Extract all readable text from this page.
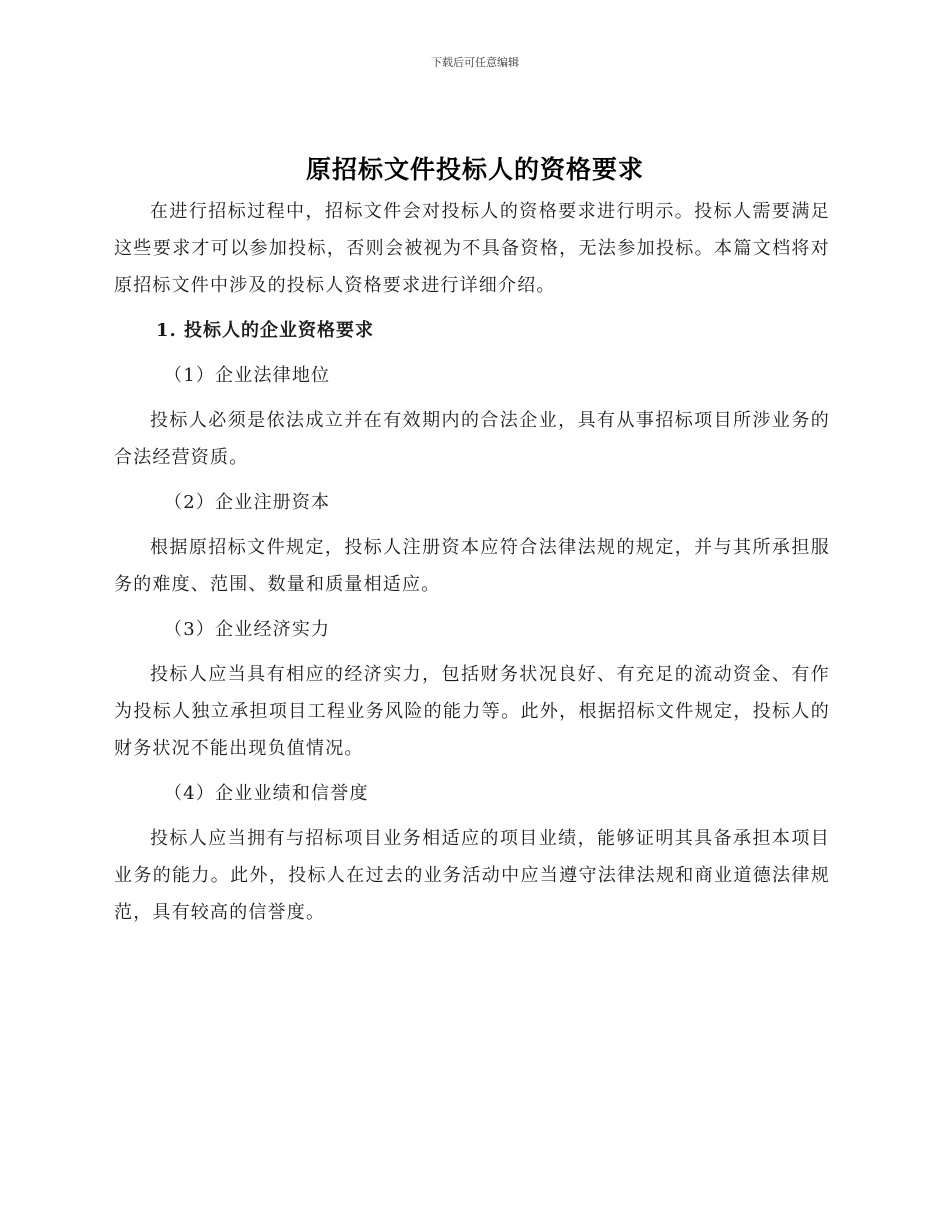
下载后可任意编辑
原招标文件投标人的资格要求

在进行招标过程中，招标文件会对投标人的资格要求进行明示。投标人需要满足这些要求才可以参加投标，否则会被视为不具备资格，无法参加投标。本篇文档将对原招标文件中涉及的投标人资格要求进行详细介绍。

1. 投标人的企业资格要求

（1）企业法律地位

投标人必须是依法成立并在有效期内的合法企业，具有从事招标项目所涉业务的合法经营资质。

（2）企业注册资本

根据原招标文件规定，投标人注册资本应符合法律法规的规定，并与其所承担服务的难度、范围、数量和质量相适应。

（3）企业经济实力

投标人应当具有相应的经济实力，包括财务状况良好、有充足的流动资金、有作为投标人独立承担项目工程业务风险的能力等。此外，根据招标文件规定，投标人的财务状况不能出现负值情况。

（4）企业业绩和信誉度

投标人应当拥有与招标项目业务相适应的项目业绩，能够证明其具备承担本项目业务的能力。此外，投标人在过去的业务活动中应当遵守法律法规和商业道德法律规范，具有较高的信誉度。
